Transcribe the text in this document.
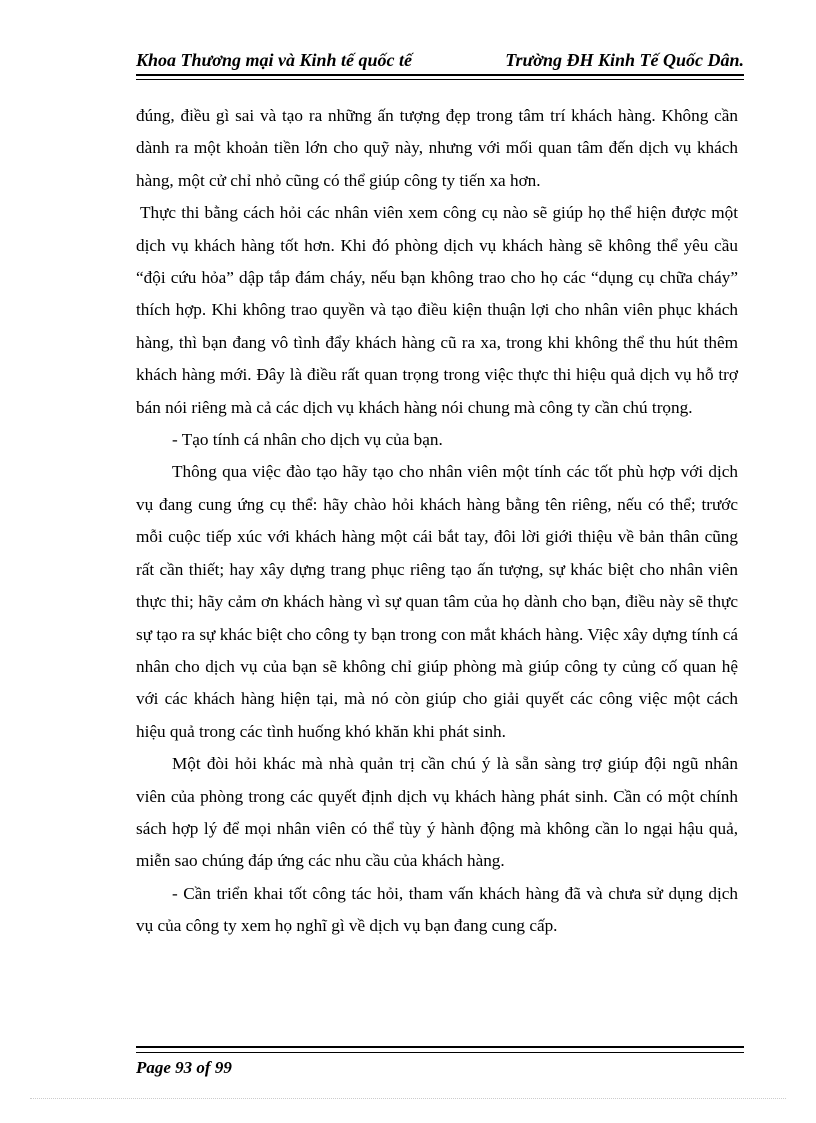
Khoa Thương mại và Kinh tế quốc tế	Trường ĐH Kinh Tế Quốc Dân.

đúng, điều gì sai và tạo ra những ấn tượng đẹp trong tâm trí khách hàng. Không cần dành ra một khoản tiền lớn cho quỹ này, nhưng với mối quan tâm đến dịch vụ khách hàng, một cử chỉ nhỏ cũng có thể giúp công ty tiến xa hơn.

Thực thi bằng cách hỏi các nhân viên xem công cụ nào sẽ giúp họ thể hiện được một dịch vụ khách hàng tốt hơn. Khi đó phòng dịch vụ khách hàng sẽ không thể yêu cầu “đội cứu hỏa” dập tắp đám cháy, nếu bạn không trao cho họ các “dụng cụ chữa cháy” thích hợp. Khi không trao quyền và tạo điều kiện thuận lợi cho nhân viên phục khách hàng, thì bạn đang vô tình đẩy khách hàng cũ ra xa, trong khi không thể thu hút thêm khách hàng mới. Đây là điều rất quan trọng trong việc thực thi hiệu quả dịch vụ hỗ trợ bán nói riêng mà cả các dịch vụ khách hàng nói chung mà công ty cần chú trọng.

- Tạo tính cá nhân cho dịch vụ của bạn.

Thông qua việc đào tạo hãy tạo cho nhân viên một tính các tốt phù hợp với dịch vụ đang cung ứng cụ thể: hãy chào hỏi khách hàng bằng tên riêng, nếu có thể; trước mỗi cuộc tiếp xúc với khách hàng một cái bắt tay, đôi lời giới thiệu về bản thân cũng rất cần thiết; hay xây dựng trang phục riêng tạo ấn tượng, sự khác biệt cho nhân viên thực thi; hãy cảm ơn khách hàng vì sự quan tâm của họ dành cho bạn, điều này sẽ thực sự tạo ra sự khác biệt cho công ty bạn trong con mắt khách hàng. Việc xây dựng tính cá nhân cho dịch vụ của bạn sẽ không chỉ giúp phòng mà giúp công ty củng cố quan hệ với các khách hàng hiện tại, mà nó còn giúp cho giải quyết các công việc một cách hiệu quả trong các tình huống khó khăn khi phát sinh.

Một đòi hỏi khác mà nhà quản trị cần chú ý là sẵn sàng trợ giúp đội ngũ nhân viên của phòng trong các quyết định dịch vụ khách hàng phát sinh. Cần có một chính sách hợp lý để mọi nhân viên có thể tùy ý hành động mà không cần lo ngại hậu quả, miễn sao chúng đáp ứng các nhu cầu của khách hàng.

- Cần triển khai tốt công tác hỏi, tham vấn khách hàng đã và chưa sử dụng dịch vụ của công ty xem họ nghĩ gì về dịch vụ bạn đang cung cấp.

Page 93 of 99
